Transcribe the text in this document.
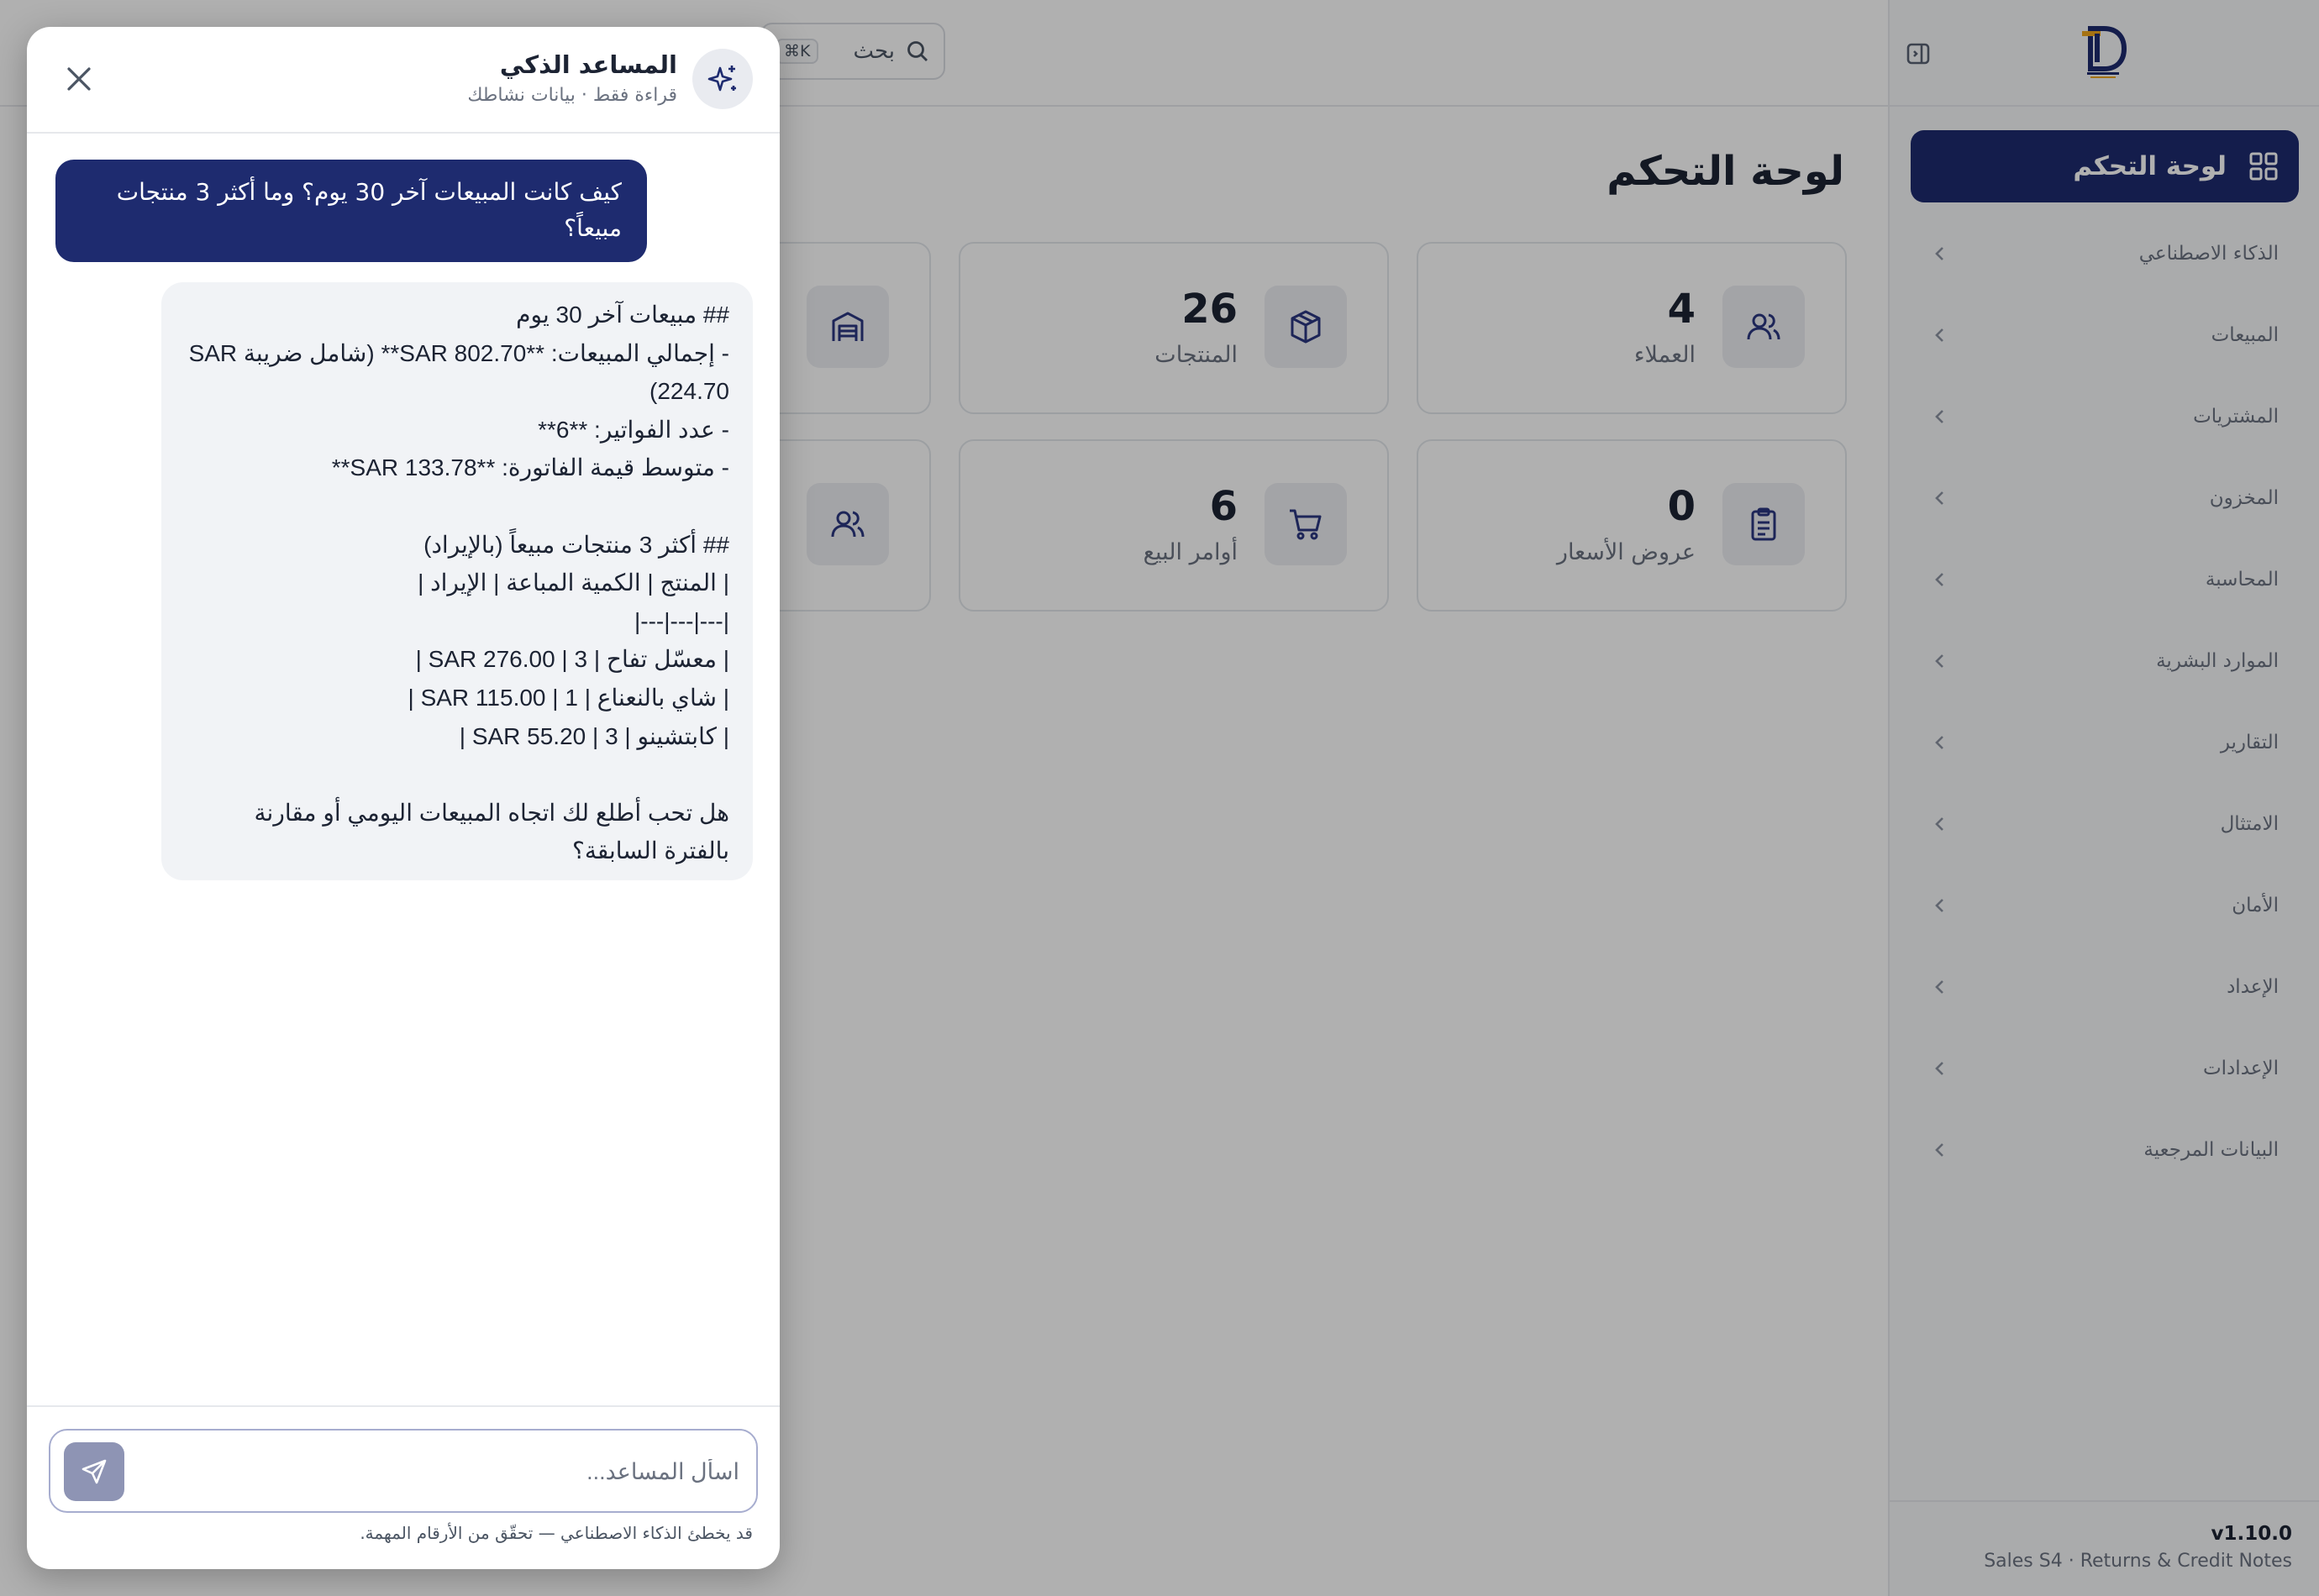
لوحة التحكم
الذكاء الاصطناعي
المبيعات
المشتريات
المخزون
المحاسبة
الموارد البشرية
التقارير
الامتثال
الأمان
الإعداد
الإعدادات
البيانات المرجعية
v1.10.0
Sales S4 · Returns & Credit Notes
بحث
⌘K
لوحة التحكم
4
العملاء
26
المنتجات
0
عروض الأسعار
6
أوامر البيع
المساعد الذكي
قراءة فقط · بيانات نشاطك
كيف كانت المبيعات آخر 30 يوم؟ وما أكثر 3 منتجات مبيعاً؟
## مبيعات آخر 30 يوم
- إجمالي المبيعات: **SAR 802.70** (شامل ضريبة SAR 224.70)
- عدد الفواتير: **6**
- متوسط قيمة الفاتورة: **SAR 133.78**

## أكثر 3 منتجات مبيعاً (بالإيراد)
| المنتج | الكمية المباعة | الإيراد |
|---|---|---|
| معسّل تفاح | 3 | SAR 276.00 |
| شاي بالنعناع | 1 | SAR 115.00 |
| كابتشينو | 3 | SAR 55.20 |

هل تحب أطلع لك اتجاه المبيعات اليومي أو مقارنة بالفترة السابقة؟
اسأل المساعد...
قد يخطئ الذكاء الاصطناعي — تحقّق من الأرقام المهمة.
